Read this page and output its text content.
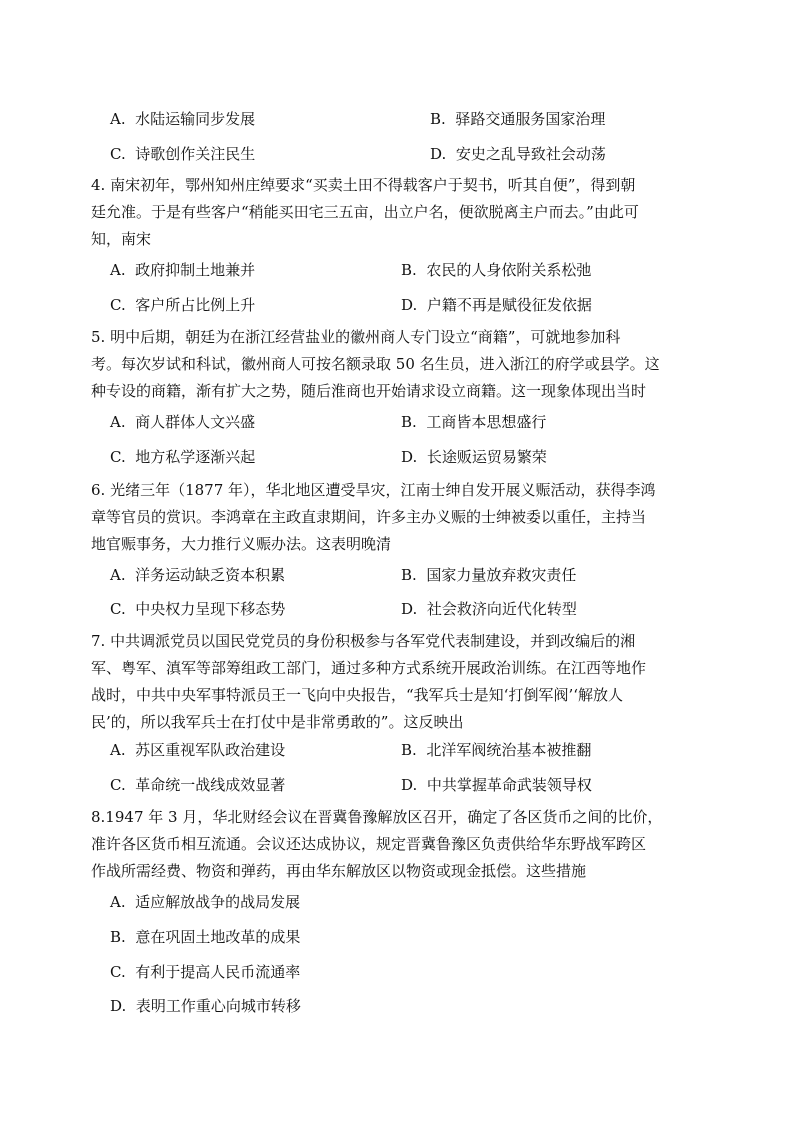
A. 水陆运输同步发展	B. 驿路交通服务国家治理
C. 诗歌创作关注民生	D. 安史之乱导致社会动荡
4. 南宋初年，鄂州知州庄绰要求“买卖土田不得载客户于契书，听其自便”，得到朝
廷允准。于是有些客户“稍能买田宅三五亩，出立户名，便欲脱离主户而去。”由此可
知，南宋
A. 政府抑制土地兼并	B. 农民的人身依附关系松弛
C. 客户所占比例上升	D. 户籍不再是赋役征发依据
5. 明中后期，朝廷为在浙江经营盐业的徽州商人专门设立“商籍”，可就地参加科
考。每次岁试和科试，徽州商人可按名额录取 50 名生员，进入浙江的府学或县学。这
种专设的商籍，渐有扩大之势，随后淮商也开始请求设立商籍。这一现象体现出当时
A. 商人群体人文兴盛	B. 工商皆本思想盛行
C. 地方私学逐渐兴起	D. 长途贩运贸易繁荣
6. 光绪三年（1877 年），华北地区遭受旱灾，江南士绅自发开展义赈活动，获得李鸿
章等官员的赏识。李鸿章在主政直隶期间，许多主办义赈的士绅被委以重任，主持当
地官赈事务，大力推行义赈办法。这表明晚清
A. 洋务运动缺乏资本积累	B. 国家力量放弃救灾责任
C. 中央权力呈现下移态势	D. 社会救济向近代化转型
7. 中共调派党员以国民党党员的身份积极参与各军党代表制建设，并到改编后的湘
军、粤军、滇军等部筹组政工部门，通过多种方式系统开展政治训练。在江西等地作
战时，中共中央军事特派员王一飞向中央报告，“我军兵士是知‘打倒军阀’‘解放人
民’的，所以我军兵士在打仗中是非常勇敢的”。这反映出
A. 苏区重视军队政治建设	B. 北洋军阀统治基本被推翻
C. 革命统一战线成效显著	D. 中共掌握革命武装领导权
8.1947 年 3 月，华北财经会议在晋冀鲁豫解放区召开，确定了各区货币之间的比价，
准许各区货币相互流通。会议还达成协议，规定晋冀鲁豫区负责供给华东野战军跨区
作战所需经费、物资和弹药，再由华东解放区以物资或现金抵偿。这些措施
A. 适应解放战争的战局发展
B. 意在巩固土地改革的成果
C. 有利于提高人民币流通率
D. 表明工作重心向城市转移
